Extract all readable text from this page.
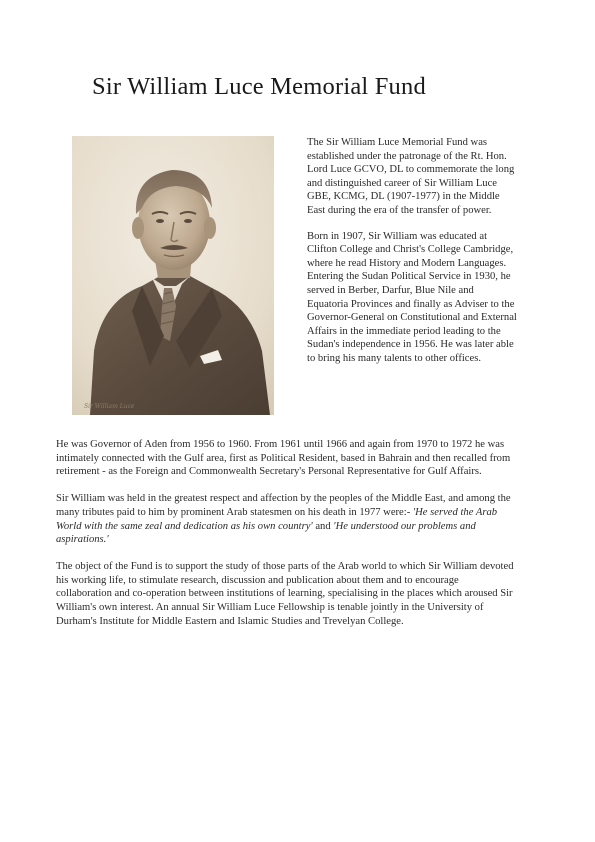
Sir William Luce Memorial Fund
Sir William Luce

The Sir William Luce Memorial Fund was established under the patronage of the Rt. Hon. Lord Luce GCVO, DL to commemorate the long and distinguished career of Sir William Luce GBE, KCMG, DL (1907-1977) in the Middle East during the era of the transfer of power.

Born in 1907, Sir William was educated at Clifton College and Christ's College Cambridge, where he read History and Modern Languages. Entering the Sudan Political Service in 1930, he served in Berber, Darfur, Blue Nile and Equatoria Provinces and finally as Adviser to the Governor-General on Constitutional and External Affairs in the immediate period leading to the Sudan's independence in 1956. He was later able to bring his many talents to other offices.

He was Governor of Aden from 1956 to 1960. From 1961 until 1966 and again from 1970 to 1972 he was intimately connected with the Gulf area, first as Political Resident, based in Bahrain and then recalled from retirement - as the Foreign and Commonwealth Secretary's Personal Representative for Gulf Affairs.

Sir William was held in the greatest respect and affection by the peoples of the Middle East, and among the many tributes paid to him by prominent Arab statesmen on his death in 1977 were:- 'He served the Arab World with the same zeal and dedication as his own country' and 'He understood our problems and aspirations.'

The object of the Fund is to support the study of those parts of the Arab world to which Sir William devoted his working life, to stimulate research, discussion and publication about them and to encourage collaboration and co-operation between institutions of learning, specialising in the places which aroused Sir William's own interest. An annual Sir William Luce Fellowship is tenable jointly in the University of Durham's Institute for Middle Eastern and Islamic Studies and Trevelyan College.
